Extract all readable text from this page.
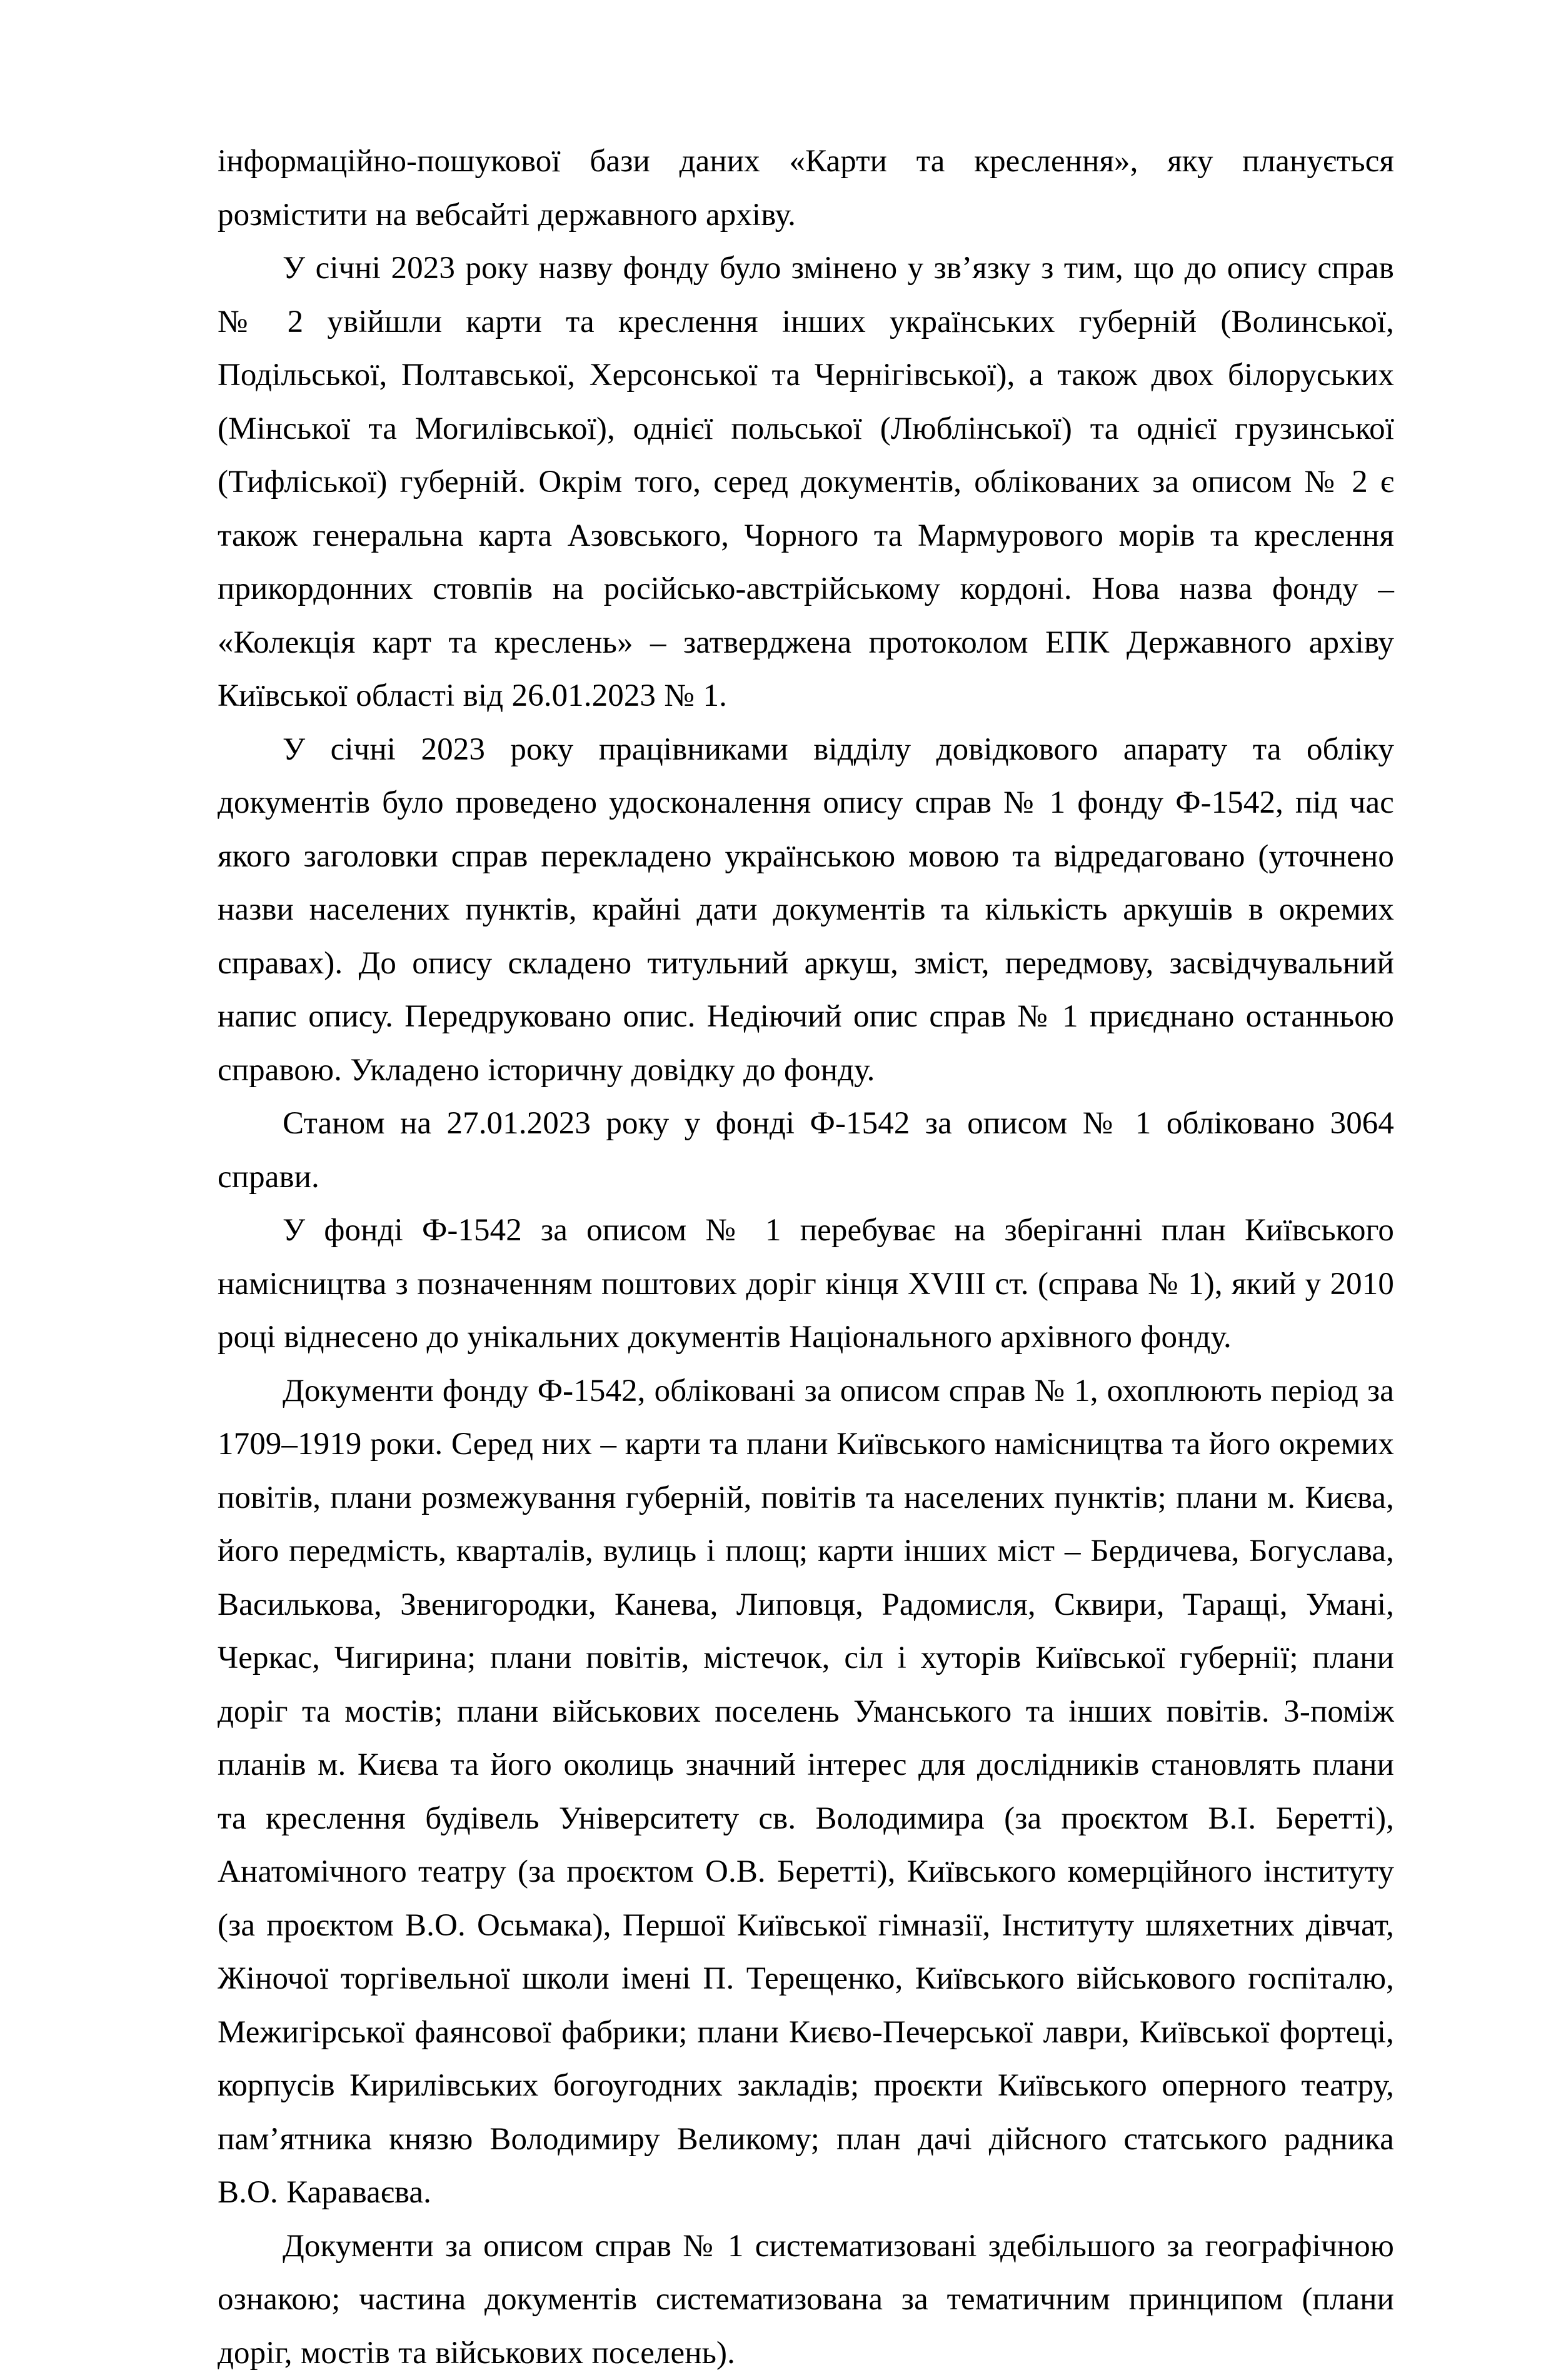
інформаційно-пошукової бази даних «Карти та креслення», яку планується розмістити на вебсайті державного архіву.

У січні 2023 року назву фонду було змінено у зв’язку з тим, що до опису справ № 2 увійшли карти та креслення інших українських губерній (Волинської, Подільської, Полтавської, Херсонської та Чернігівської), а також двох білоруських (Мінської та Могилівської), однієї польської (Люблінської) та однієї грузинської (Тифліської) губерній. Окрім того, серед документів, облікованих за описом № 2 є також генеральна карта Азовського, Чорного та Мармурового морів та креслення прикордонних стовпів на російсько-австрійському кордоні. Нова назва фонду – «Колекція карт та креслень» – затверджена протоколом ЕПК Державного архіву Київської області від 26.01.2023 № 1.

У січні 2023 року працівниками відділу довідкового апарату та обліку документів було проведено удосконалення опису справ № 1 фонду Ф-1542, під час якого заголовки справ перекладено українською мовою та відредаговано (уточнено назви населених пунктів, крайні дати документів та кількість аркушів в окремих справах). До опису складено титульний аркуш, зміст, передмову, засвідчувальний напис опису. Передруковано опис. Недіючий опис справ № 1 приєднано останньою справою. Укладено історичну довідку до фонду.

Станом на 27.01.2023 року у фонді Ф-1542 за описом № 1 обліковано 3064 справи.

У фонді Ф-1542 за описом № 1 перебуває на зберіганні план Київського намісництва з позначенням поштових доріг кінця XVIII ст. (справа № 1), який у 2010 році віднесено до унікальних документів Національного архівного фонду.

Документи фонду Ф-1542, обліковані за описом справ № 1, охоплюють період за 1709–1919 роки. Серед них – карти та плани Київського намісництва та його окремих повітів, плани розмежування губерній, повітів та населених пунктів; плани м. Києва, його передмість, кварталів, вулиць і площ; карти інших міст – Бердичева, Богуслава, Василькова, Звенигородки, Канева, Липовця, Радомисля, Сквири, Таращі, Умані, Черкас, Чигирина; плани повітів, містечок, сіл і хуторів Київської губернії; плани доріг та мостів; плани військових поселень Уманського та інших повітів. З-поміж планів м. Києва та його околиць значний інтерес для дослідників становлять плани та креслення будівель Університету св. Володимира (за проєктом В.І. Беретті), Анатомічного театру (за проєктом О.В. Беретті), Київського комерційного інституту (за проєктом В.О. Осьмака), Першої Київської гімназії, Інституту шляхетних дівчат, Жіночої торгівельної школи імені П. Терещенко, Київського військового госпіталю, Межигірської фаянсової фабрики; плани Києво-Печерської лаври, Київської фортеці, корпусів Кирилівських богоугодних закладів; проєкти Київського оперного театру, пам’ятника князю Володимиру Великому; план дачі дійсного статського радника В.О. Караваєва.

Документи за описом справ № 1 систематизовані здебільшого за географічною ознакою; частина документів систематизована за тематичним принципом (плани доріг, мостів та військових поселень).
